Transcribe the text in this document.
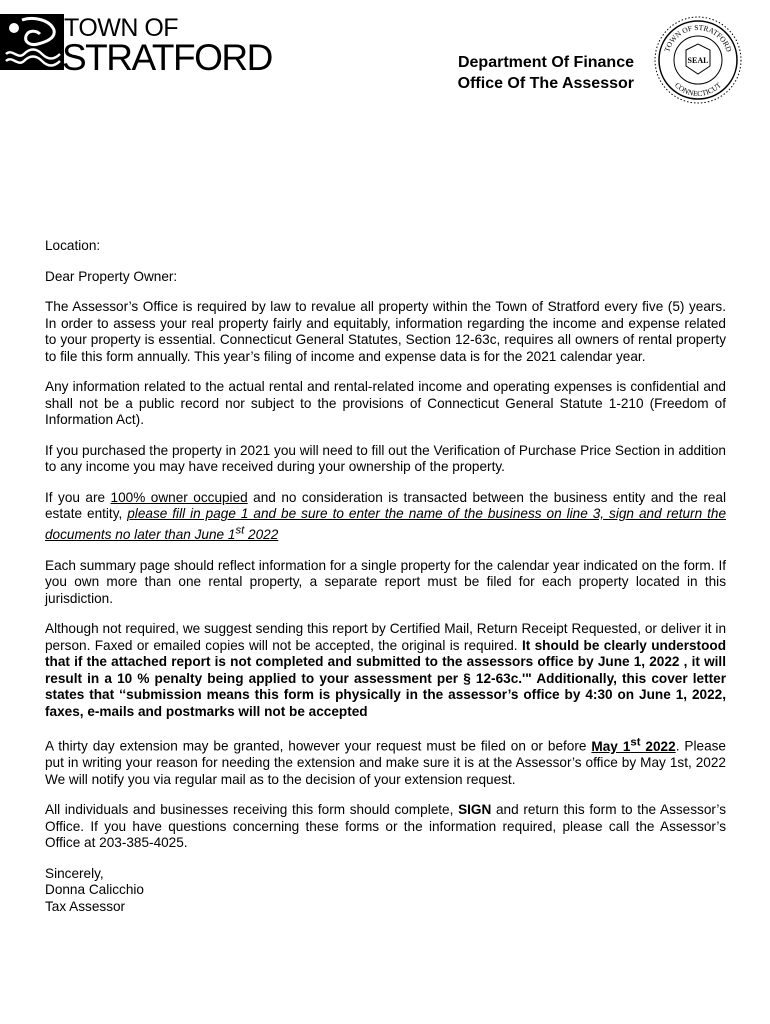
TOWN OF
STRATFORD	Department Of Finance
Office Of The Assessor
TOWN OF STRATFORD
CONNECTICUT
SEAL

Location:

Dear Property Owner:

The Assessor’s Office is required by law to revalue all property within the Town of Stratford every five (5) years. In order to assess your real property fairly and equitably, information regarding the income and expense related to your property is essential. Connecticut General Statutes, Section 12-63c, requires all owners of rental property to file this form annually. This year’s filing of income and expense data is for the 2021 calendar year.

Any information related to the actual rental and rental-related income and operating expenses is confidential and shall not be a public record nor subject to the provisions of Connecticut General Statute 1-210 (Freedom of Information Act).

If you purchased the property in 2021 you will need to fill out the Verification of Purchase Price Section in addition to any income you may have received during your ownership of the property.

If you are 100% owner occupied and no consideration is transacted between the business entity and the real estate entity, please fill in page 1 and be sure to enter the name of the business on line 3, sign and return the documents no later than June 1st 2022

Each summary page should reflect information for a single property for the calendar year indicated on the form. If you own more than one rental property, a separate report must be filed for each property located in this jurisdiction.

Although not required, we suggest sending this report by Certified Mail, Return Receipt Requested, or deliver it in person. Faxed or emailed copies will not be accepted, the original is required. It should be clearly understood that if the attached report is not completed and submitted to the assessors office by June 1, 2022 , it will result in a 10 % penalty being applied to your assessment per § 12-63c.'" Additionally, this cover letter states that ‘‘submission means this form is physically in the assessor’s office by 4:30 on June 1, 2022, faxes, e-mails and postmarks will not be accepted

A thirty day extension may be granted, however your request must be filed on or before May 1st 2022. Please put in writing your reason for needing the extension and make sure it is at the Assessor’s office by May 1st, 2022 We will notify you via regular mail as to the decision of your extension request.

All individuals and businesses receiving this form should complete, SIGN and return this form to the Assessor’s Office. If you have questions concerning these forms or the information required, please call the Assessor’s Office at 203-385-4025.

Sincerely,

Donna Calicchio

Tax Assessor
